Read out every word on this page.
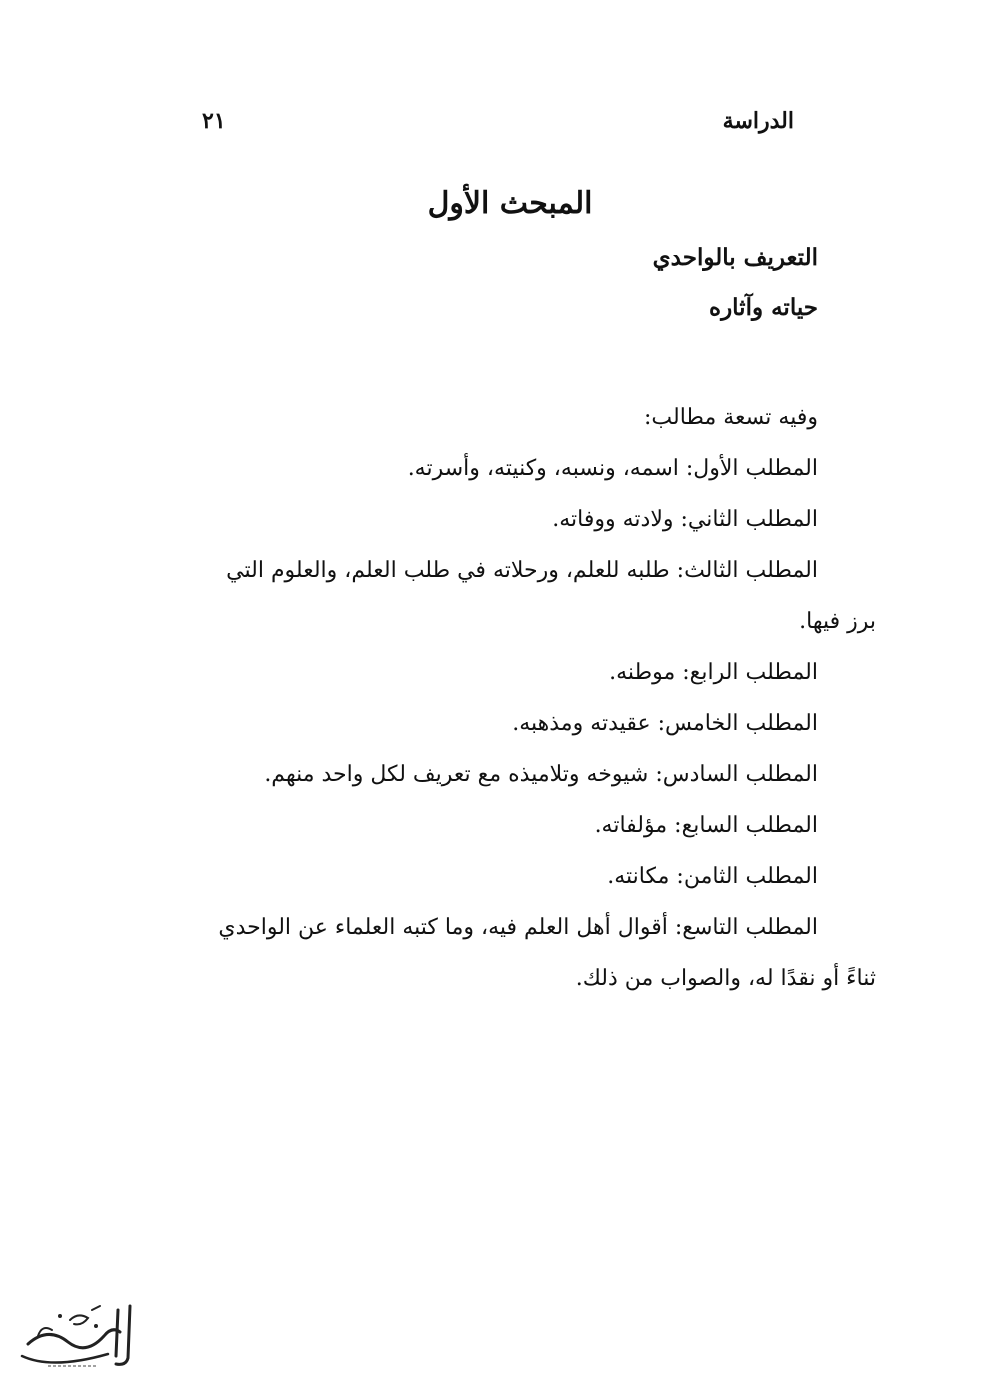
الدراسة
٢١
المبحث الأول
التعريف بالواحدي
حياته وآثاره

وفيه تسعة مطالب:

المطلب الأول: اسمه، ونسبه، وكنيته، وأسرته.

المطلب الثاني: ولادته ووفاته.

المطلب الثالث: طلبه للعلم، ورحلاته في طلب العلم، والعلوم التي

برز فيها.

المطلب الرابع: موطنه.

المطلب الخامس: عقيدته ومذهبه.

المطلب السادس: شيوخه وتلاميذه مع تعريف لكل واحد منهم.

المطلب السابع: مؤلفاته.

المطلب الثامن: مكانته.

المطلب التاسع: أقوال أهل العلم فيه، وما كتبه العلماء عن الواحدي

ثناءً أو نقدًا له، والصواب من ذلك.
